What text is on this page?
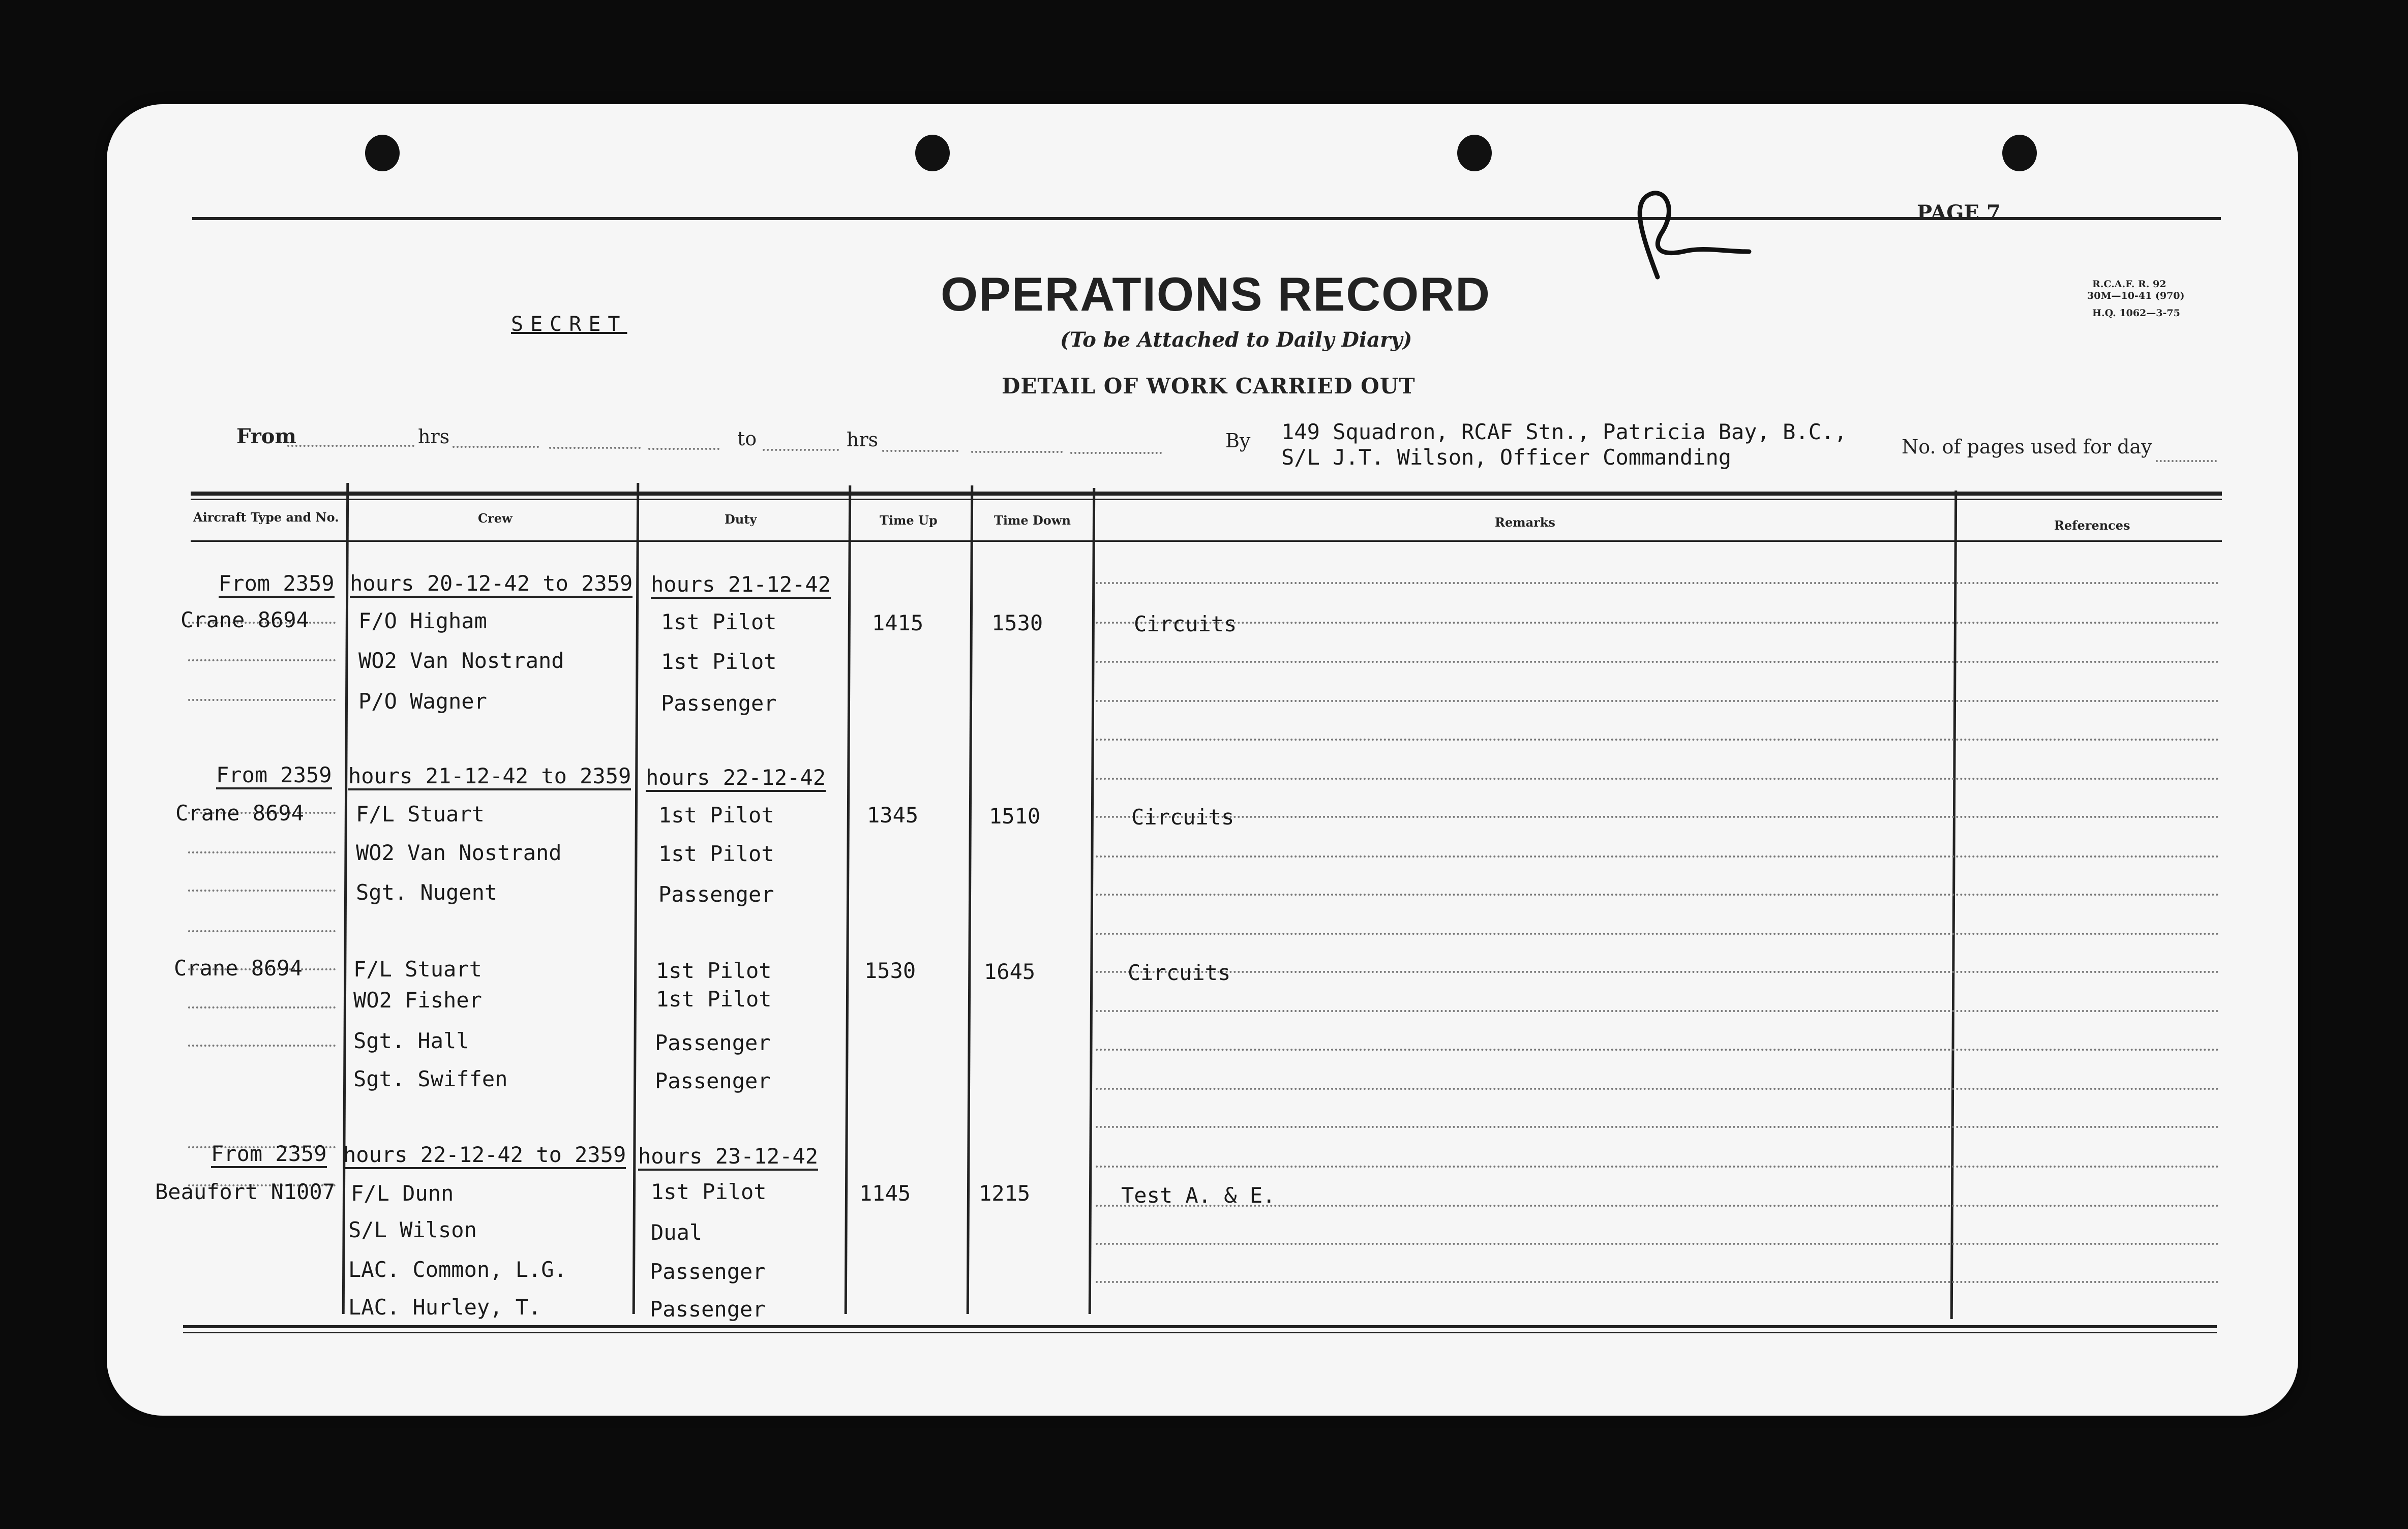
PAGE 7
R.C.A.F. R. 92
30M—10-41 (970)
H.Q. 1062—3-75
SECRET
OPERATIONS RECORD
(To be Attached to Daily Diary)
DETAIL OF WORK CARRIED OUT
From	hrs	to	hrs	By 149 Squadron, RCAF Stn., Patricia Bay, B.C.,
S/L J.T. Wilson, Officer Commanding	No. of pages used for day
Aircraft Type and No.	Crew	Duty	Time Up	Time Down	Remarks	References
From 2359 hours 20-12-42 to 2359 hours 21-12-42
Crane 8694 F/O Higham	1st Pilot	1415	1530	Circuits
WO2 Van Nostrand	1st Pilot
P/O Wagner	Passenger
From 2359 hours 21-12-42 to 2359 hours 22-12-42
Crane 8694 F/L Stuart	1st Pilot	1345	1510	Circuits
WO2 Van Nostrand	1st Pilot
Sgt. Nugent	Passenger
Crane 8694 F/L Stuart	1st Pilot	1530	1645	Circuits
WO2 Fisher	1st Pilot
Sgt. Hall	Passenger
Sgt. Swiffen	Passenger
From 2359 hours 22-12-42 to 2359 hours 23-12-42
Beaufort N1007 F/L Dunn	1st Pilot	1145	1215	Test A. & E.
S/L Wilson	Dual
LAC. Common, L.G.	Passenger
LAC. Hurley, T.	Passenger
